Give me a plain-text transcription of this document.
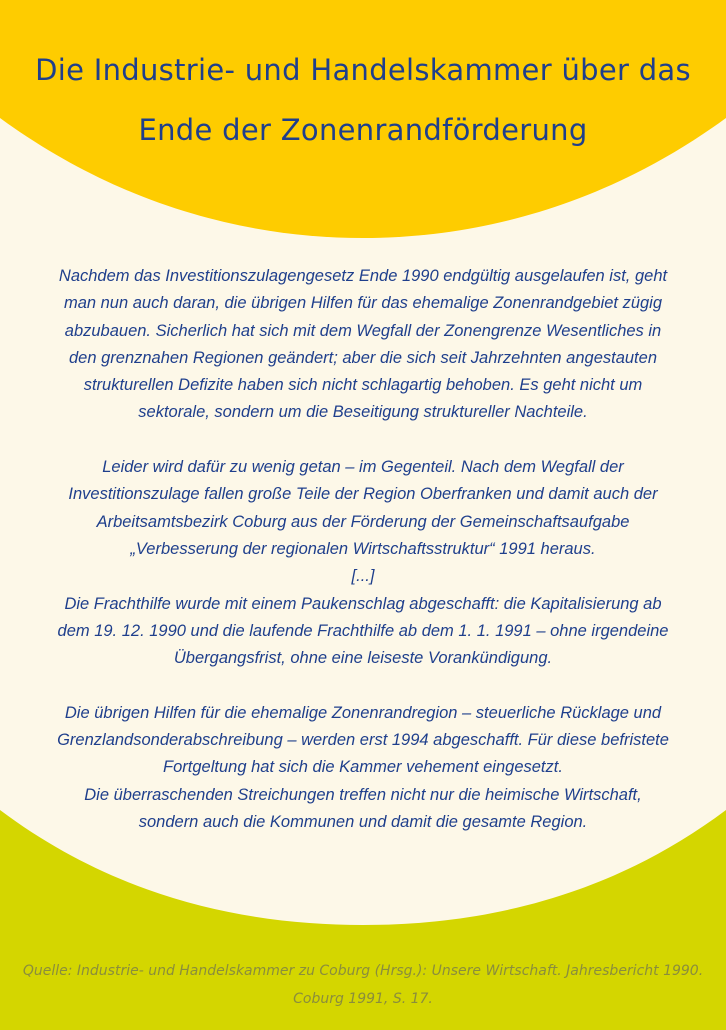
Die Industrie- und Handelskammer über das
Ende der Zonenrandförderung

Nachdem das Investitionszulagengesetz Ende 1990 endgültig ausgelaufen ist, geht
man nun auch daran, die übrigen Hilfen für das ehemalige Zonenrandgebiet zügig
abzubauen. Sicherlich hat sich mit dem Wegfall der Zonengrenze Wesentliches in
den grenznahen Regionen geändert; aber die sich seit Jahrzehnten angestauten
strukturellen Defizite haben sich nicht schlagartig behoben. Es geht nicht um
sektorale, sondern um die Beseitigung struktureller Nachteile.

Leider wird dafür zu wenig getan – im Gegenteil. Nach dem Wegfall der
Investitionszulage fallen große Teile der Region Oberfranken und damit auch der
Arbeitsamtsbezirk Coburg aus der Förderung der Gemeinschaftsaufgabe
„Verbesserung der regionalen Wirtschaftsstruktur“ 1991 heraus.
[...]
Die Frachthilfe wurde mit einem Paukenschlag abgeschafft: die Kapitalisierung ab
dem 19. 12. 1990 und die laufende Frachthilfe ab dem 1. 1. 1991 – ohne irgendeine
Übergangsfrist, ohne eine leiseste Vorankündigung.

Die übrigen Hilfen für die ehemalige Zonenrandregion – steuerliche Rücklage und
Grenzlandsonderabschreibung – werden erst 1994 abgeschafft. Für diese befristete
Fortgeltung hat sich die Kammer vehement eingesetzt.
Die überraschenden Streichungen treffen nicht nur die heimische Wirtschaft,
sondern auch die Kommunen und damit die gesamte Region.

Quelle: Industrie- und Handelskammer zu Coburg (Hrsg.): Unsere Wirtschaft. Jahresbericht 1990.
Coburg 1991, S. 17.
